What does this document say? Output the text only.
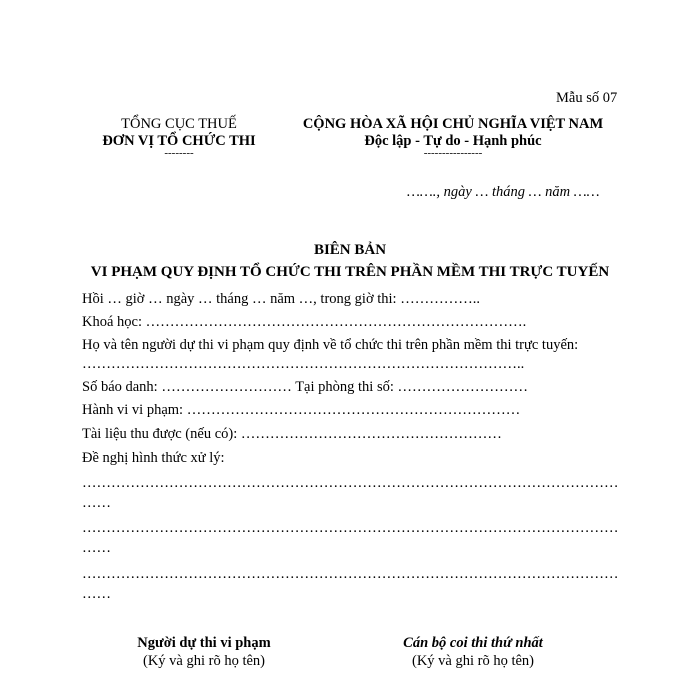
Mẫu số 07
TỔNG CỤC THUẾ
ĐƠN VỊ TỔ CHỨC THI
--------
CỘNG HÒA XÃ HỘI CHỦ NGHĨA VIỆT NAM
Độc lập - Tự do - Hạnh phúc
----------------
……., ngày … tháng … năm ……
BIÊN BẢN
VI PHẠM QUY ĐỊNH TỔ CHỨC THI TRÊN PHẦN MỀM THI TRỰC TUYẾN
Hồi … giờ … ngày … tháng … năm …, trong giờ thi: ……………..
Khoá học: …………………………………………………………………….
Họ và tên người dự thi vi phạm quy định về tổ chức thi trên phần mềm thi trực tuyến:
………………………………………………………………………………..
Số báo danh: ……………………… Tại phòng thi số: ………………………
Hành vi vi phạm: ……………………………………………………………
Tài liệu thu được (nếu có): ………………………………………………
Đề nghị hình thức xử lý:
…………………………………………………………………………………………………
……
…………………………………………………………………………………………………
……
…………………………………………………………………………………………………
……
Người dự thi vi phạm
(Ký và ghi rõ họ tên)
Cán bộ coi thi thứ nhất
(Ký và ghi rõ họ tên)
